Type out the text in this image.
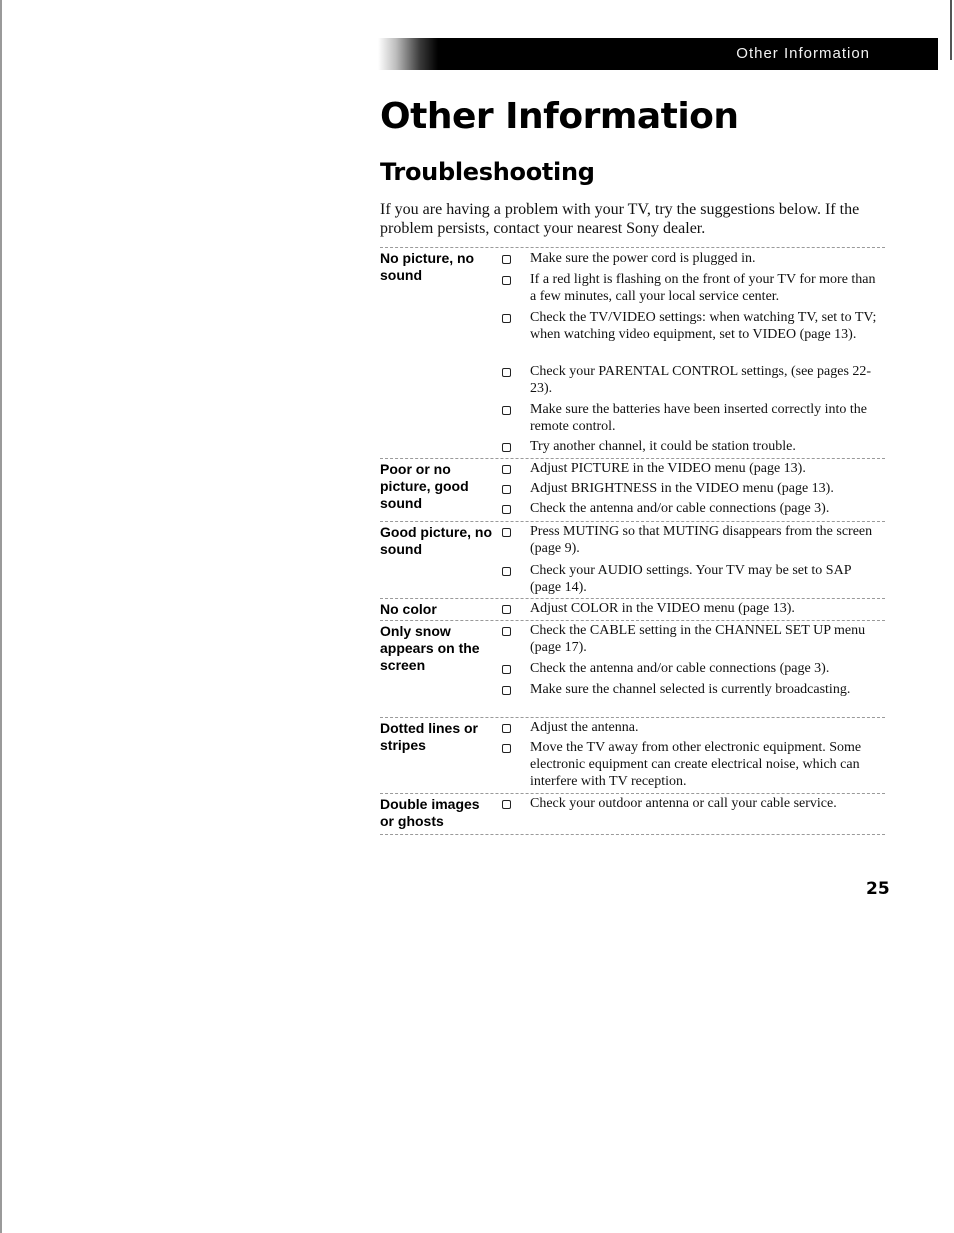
Other Information
Other Information
Troubleshooting

If you are having a problem with your TV, try the suggestions below. If the problem persists, contact your nearest Sony dealer.

No picture, no sound
Make sure the power cord is plugged in.
If a red light is flashing on the front of your TV for more than a few minutes, call your local service center.
Check the TV/VIDEO settings: when watching TV, set to TV; when watching video equipment, set to VIDEO (page 13).
Check your PARENTAL CONTROL settings, (see pages 22-23).
Make sure the batteries have been inserted correctly into the remote control.
Try another channel, it could be station trouble.
Poor or no picture, good sound
Adjust PICTURE in the VIDEO menu (page 13).
Adjust BRIGHTNESS in the VIDEO menu (page 13).
Check the antenna and/or cable connections (page 3).
Good picture, no sound
Press MUTING so that MUTING disappears from the screen (page 9).
Check your AUDIO settings. Your TV may be set to SAP (page 14).
No color	Adjust COLOR in the VIDEO menu (page 13).
Only snow appears on the screen
Check the CABLE setting in the CHANNEL SET UP menu (page 17).
Check the antenna and/or cable connections (page 3).
Make sure the channel selected is currently broadcasting.
Dotted lines or stripes
Adjust the antenna.
Move the TV away from other electronic equipment. Some electronic equipment can create electrical noise, which can interfere with TV reception.
Double images or ghosts
Check your outdoor antenna or call your cable service.
25
